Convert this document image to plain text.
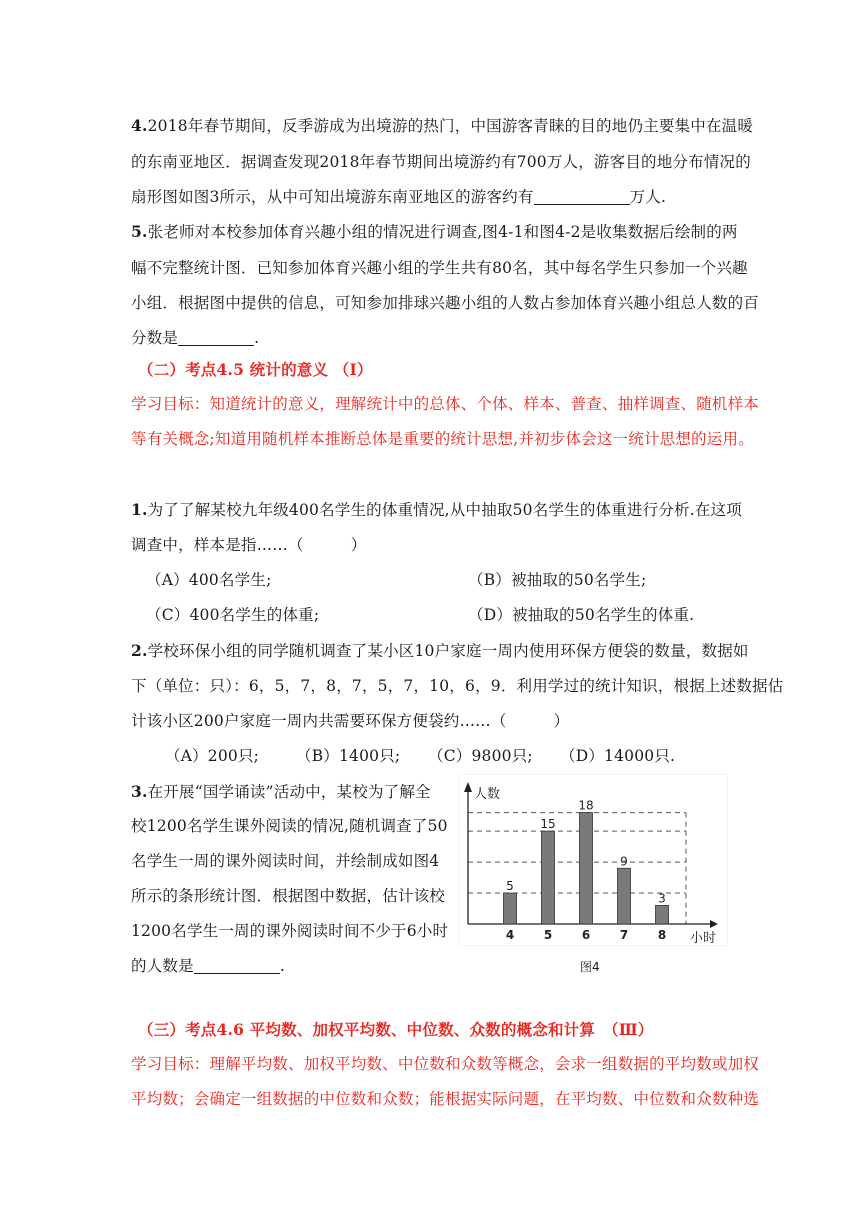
4.2018年春节期间，反季游成为出境游的热门，中国游客青睐的目的地仍主要集中在温暖
的东南亚地区．据调查发现2018年春节期间出境游约有700万人，游客目的地分布情况的
扇形图如图3所示，从中可知出境游东南亚地区的游客约有	万人.
5.张老师对本校参加体育兴趣小组的情况进行调查,图4-1和图4-2是收集数据后绘制的两
幅不完整统计图．已知参加体育兴趣小组的学生共有80名，其中每名学生只参加一个兴趣
小组．根据图中提供的信息，可知参加排球兴趣小组的人数占参加体育兴趣小组总人数的百
分数是	.
（二）考点4.5 统计的意义 （Ⅰ）
学习目标：知道统计的意义，理解统计中的总体、个体、样本、普查、抽样调查、随机样本
等有关概念;知道用随机样本推断总体是重要的统计思想,并初步体会这一统计思想的运用。
1.为了了解某校九年级400名学生的体重情况,从中抽取50名学生的体重进行分析.在这项
调查中，样本是指……（　　　）
（A）400名学生;	（B）被抽取的50名学生;
（C）400名学生的体重;	（D）被抽取的50名学生的体重.
2.学校环保小组的同学随机调查了某小区10户家庭一周内使用环保方便袋的数量，数据如
下（单位：只）：6，5，7，8，7，5，7，10，6，9．利用学过的统计知识，根据上述数据估
计该小区200户家庭一周内共需要环保方便袋约……（　　　）
（A）200只; （B）1400只; （C）9800只; （D）14000只.
3.在开展“国学诵读”活动中，某校为了解全
校1200名学生课外阅读的情况,随机调查了50
名学生一周的课外阅读时间，并绘制成如图4
所示的条形统计图．根据图中数据，估计该校
1200名学生一周的课外阅读时间不少于6小时
的人数是	.
人数
小时
5
4
15
5
18
6
9
7
3
8
图4
（三）考点4.6 平均数、加权平均数、中位数、众数的概念和计算　（Ⅲ）
学习目标：理解平均数、加权平均数、中位数和众数等概念，会求一组数据的平均数或加权
平均数；会确定一组数据的中位数和众数；能根据实际问题，在平均数、中位数和众数种选
